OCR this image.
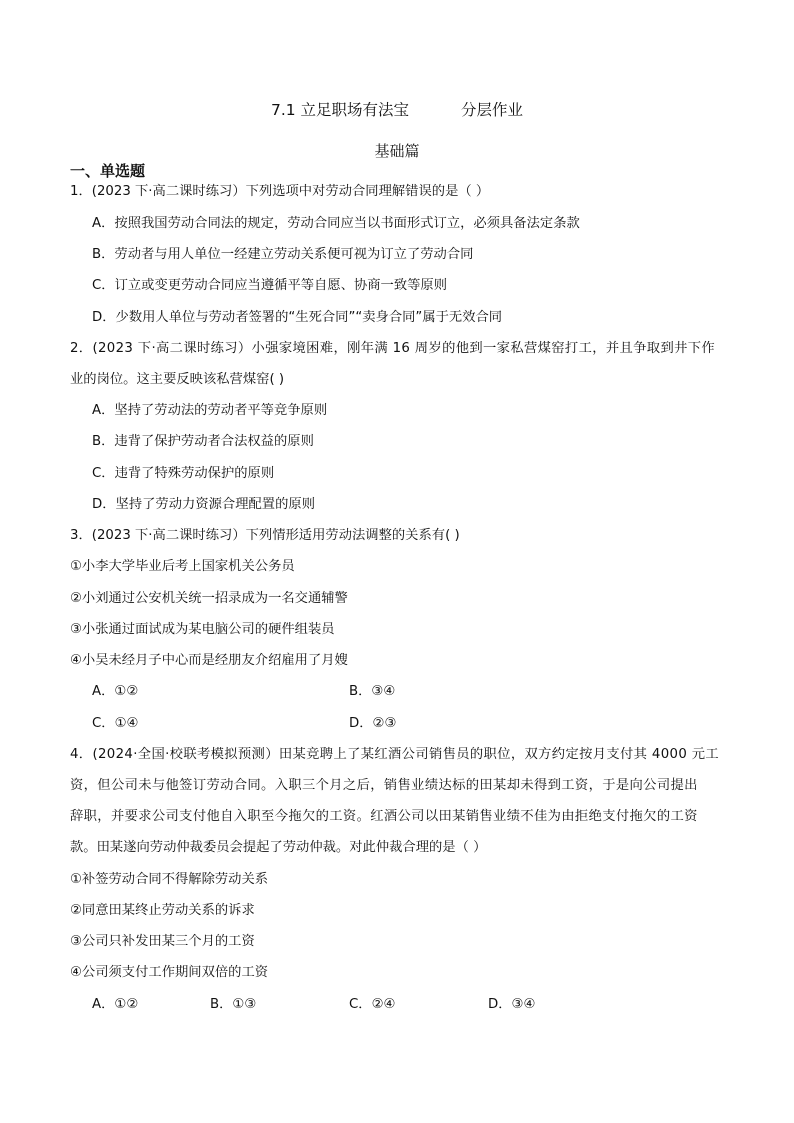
7.1 立足职场有法宝	分层作业
基础篇
一、单选题
1．(2023 下·高二课时练习）下列选项中对劳动合同理解错误的是（ ）
A．按照我国劳动合同法的规定，劳动合同应当以书面形式订立，必须具备法定条款
B．劳动者与用人单位一经建立劳动关系便可视为订立了劳动合同
C．订立或变更劳动合同应当遵循平等自愿、协商一致等原则
D．少数用人单位与劳动者签署的“生死合同”“卖身合同”属于无效合同
2．(2023 下·高二课时练习）小强家境困难，刚年满 16 周岁的他到一家私营煤窑打工，并且争取到井下作
业的岗位。这主要反映该私营煤窑( )
A．坚持了劳动法的劳动者平等竞争原则
B．违背了保护劳动者合法权益的原则
C．违背了特殊劳动保护的原则
D．坚持了劳动力资源合理配置的原则
3．(2023 下·高二课时练习）下列情形适用劳动法调整的关系有( )
①小李大学毕业后考上国家机关公务员
②小刘通过公安机关统一招录成为一名交通辅警
③小张通过面试成为某电脑公司的硬件组装员
④小吴未经月子中心而是经朋友介绍雇用了月嫂
A．①②	B．③④
C．①④	D．②③
4．(2024·全国·校联考模拟预测）田某竞聘上了某红酒公司销售员的职位，双方约定按月支付其 4000 元工
资，但公司未与他签订劳动合同。入职三个月之后，销售业绩达标的田某却未得到工资，于是向公司提出
辞职，并要求公司支付他自入职至今拖欠的工资。红酒公司以田某销售业绩不佳为由拒绝支付拖欠的工资
款。田某遂向劳动仲裁委员会提起了劳动仲裁。对此仲裁合理的是（ ）
①补签劳动合同不得解除劳动关系
②同意田某终止劳动关系的诉求
③公司只补发田某三个月的工资
④公司须支付工作期间双倍的工资
A．①②	B．①③	C．②④	D．③④
